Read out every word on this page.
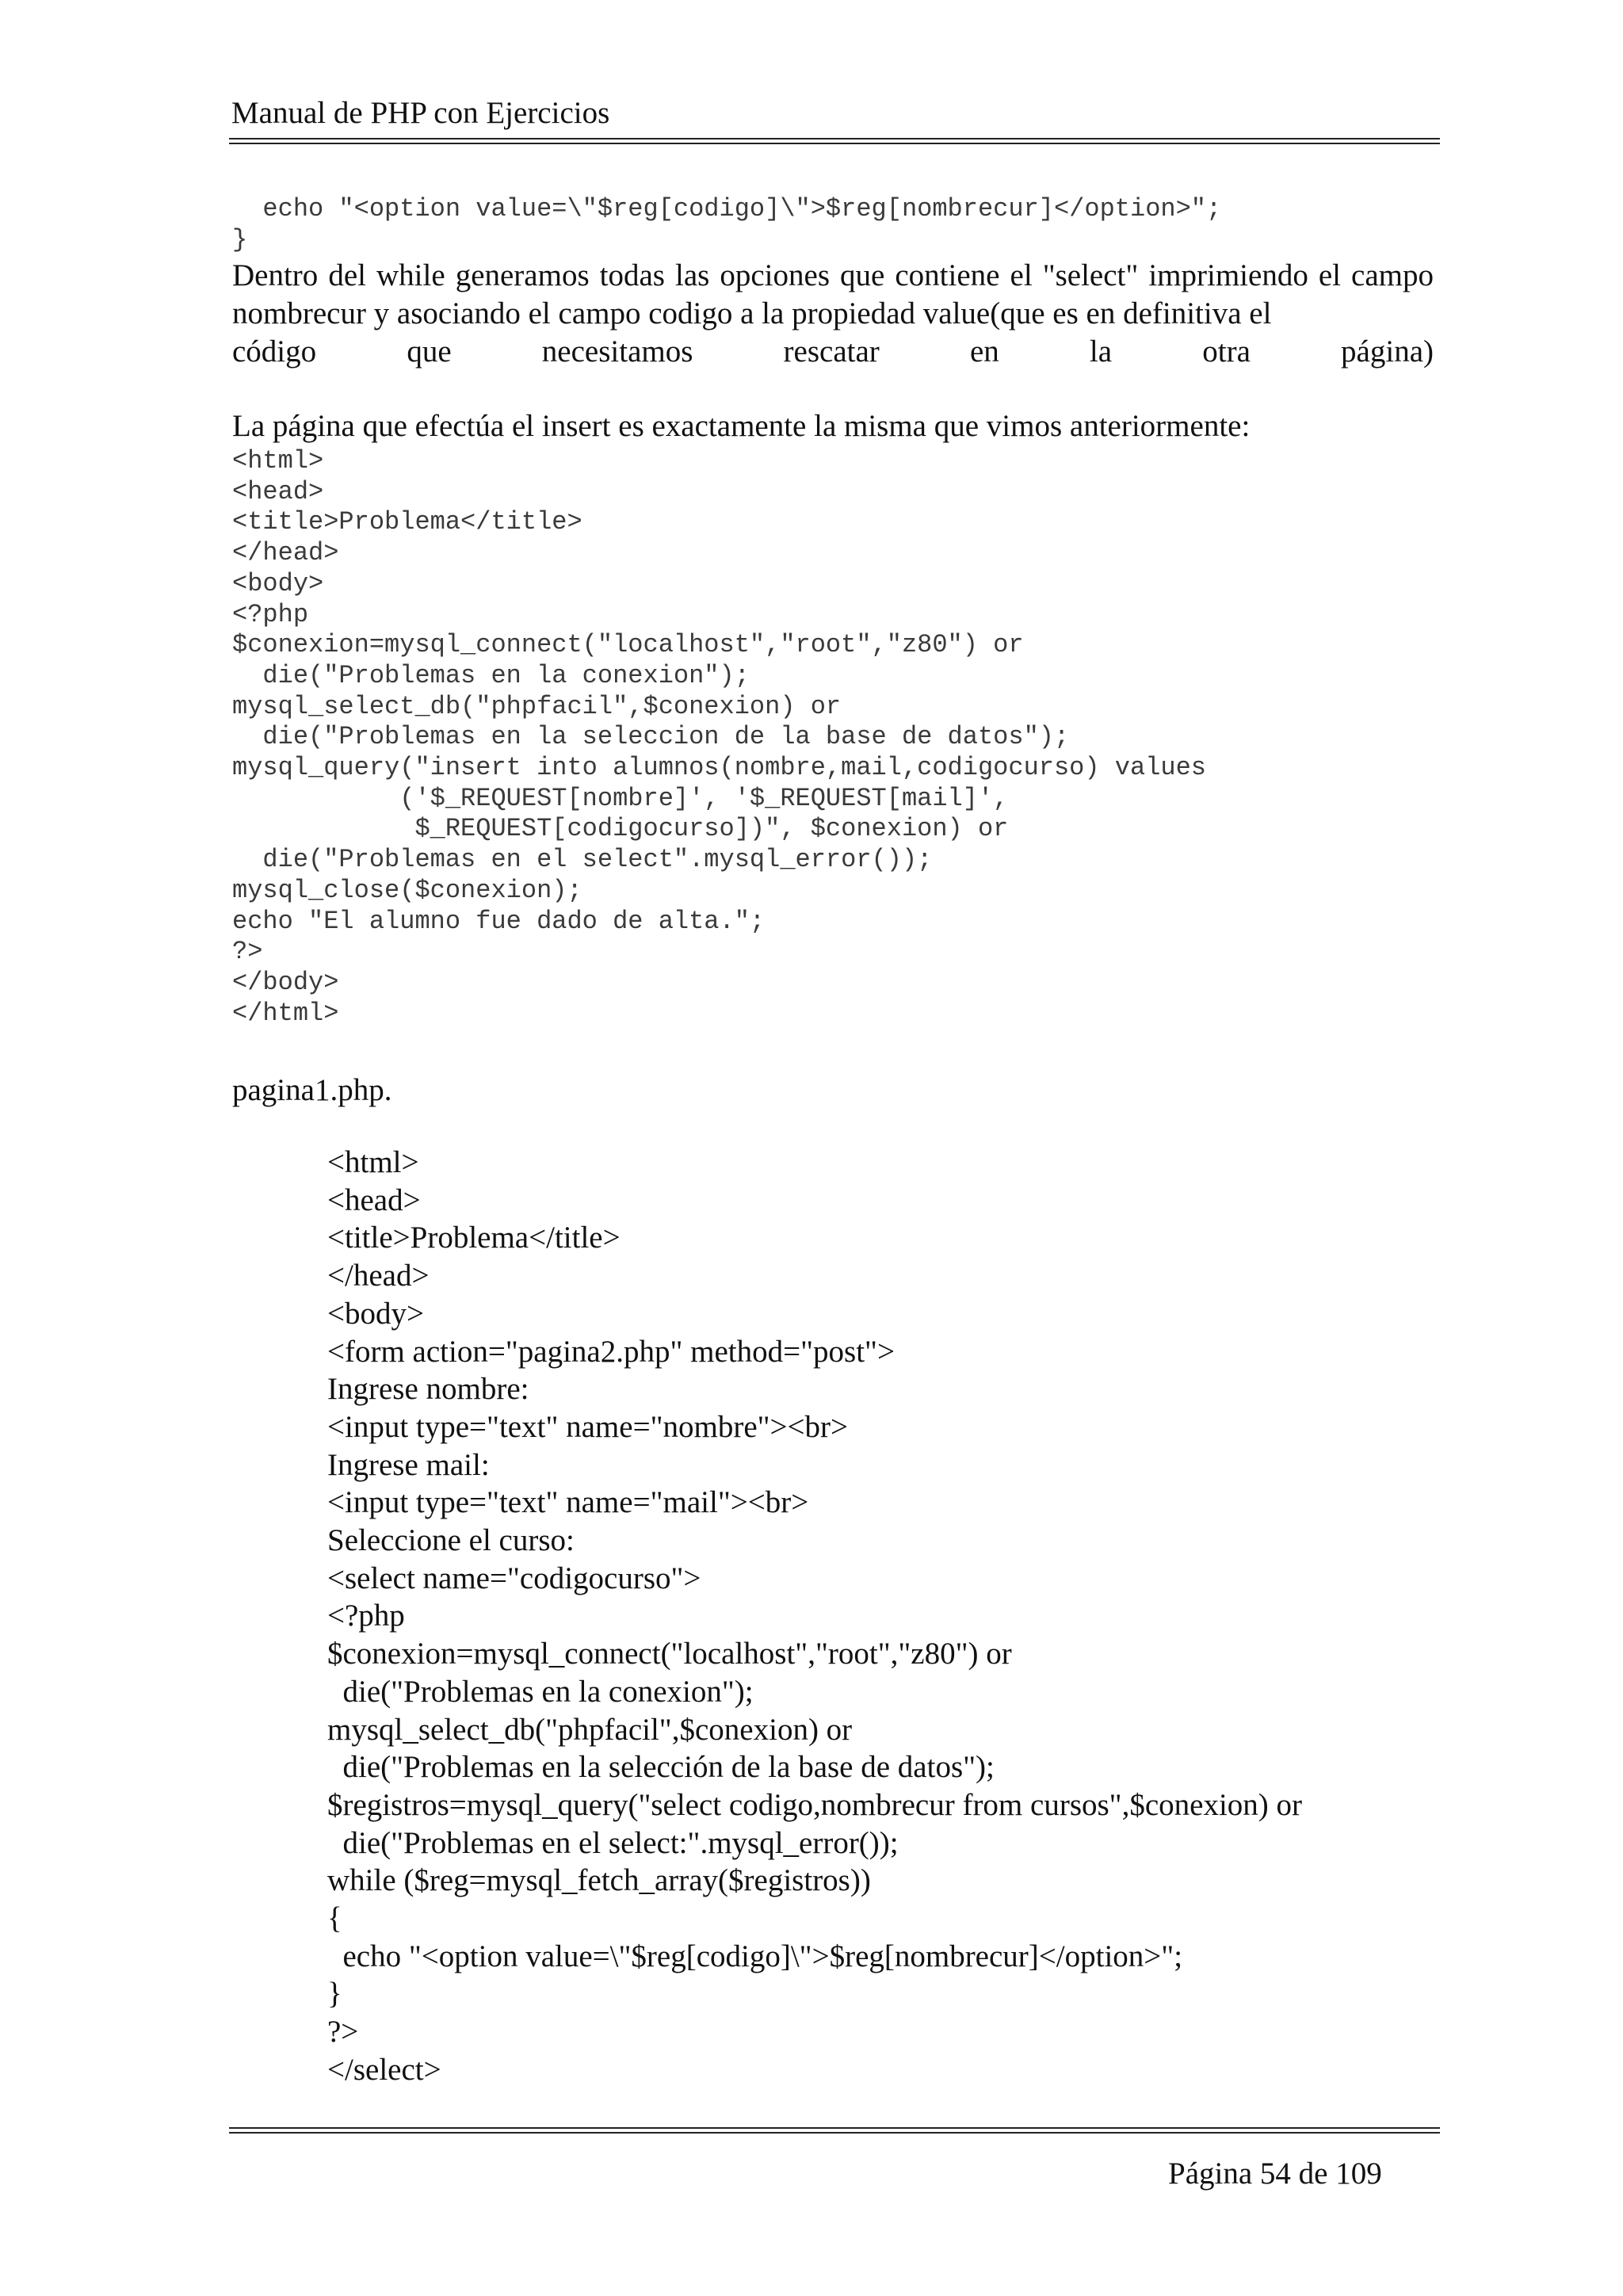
Manual de PHP con Ejercicios
echo "<option value=\"$reg[codigo]\">$reg[nombrecur]</option>";
}
Dentro del while generamos todas las opciones que contiene el "select" imprimiendo el campo nombrecur y asociando el campo codigo a la propiedad value(que es en definitiva el
código que necesitamos rescatar en la otra página)
La página que efectúa el insert es exactamente la misma que vimos anteriormente:
<html>
<head>
<title>Problema</title>
</head>
<body>
<?php
$conexion=mysql_connect("localhost","root","z80") or
die("Problemas en la conexion");
mysql_select_db("phpfacil",$conexion) or
die("Problemas en la seleccion de la base de datos");
mysql_query("insert into alumnos(nombre,mail,codigocurso) values
('$_REQUEST[nombre]', '$_REQUEST[mail]',
$_REQUEST[codigocurso])", $conexion) or
die("Problemas en el select".mysql_error());
mysql_close($conexion);
echo "El alumno fue dado de alta.";
?>
</body>
</html>
pagina1.php.
<html>
<head>
<title>Problema</title>
</head>
<body>
<form action="pagina2.php" method="post">
Ingrese nombre:
<input type="text" name="nombre"><br>
Ingrese mail:
<input type="text" name="mail"><br>
Seleccione el curso:
<select name="codigocurso">
<?php
$conexion=mysql_connect("localhost","root","z80") or
die("Problemas en la conexion");
mysql_select_db("phpfacil",$conexion) or
die("Problemas en la selección de la base de datos");
$registros=mysql_query("select codigo,nombrecur from cursos",$conexion) or
die("Problemas en el select:".mysql_error());
while ($reg=mysql_fetch_array($registros))
{
echo "<option value=\"$reg[codigo]\">$reg[nombrecur]</option>";
}
?>
</select>
Página 54 de 109
